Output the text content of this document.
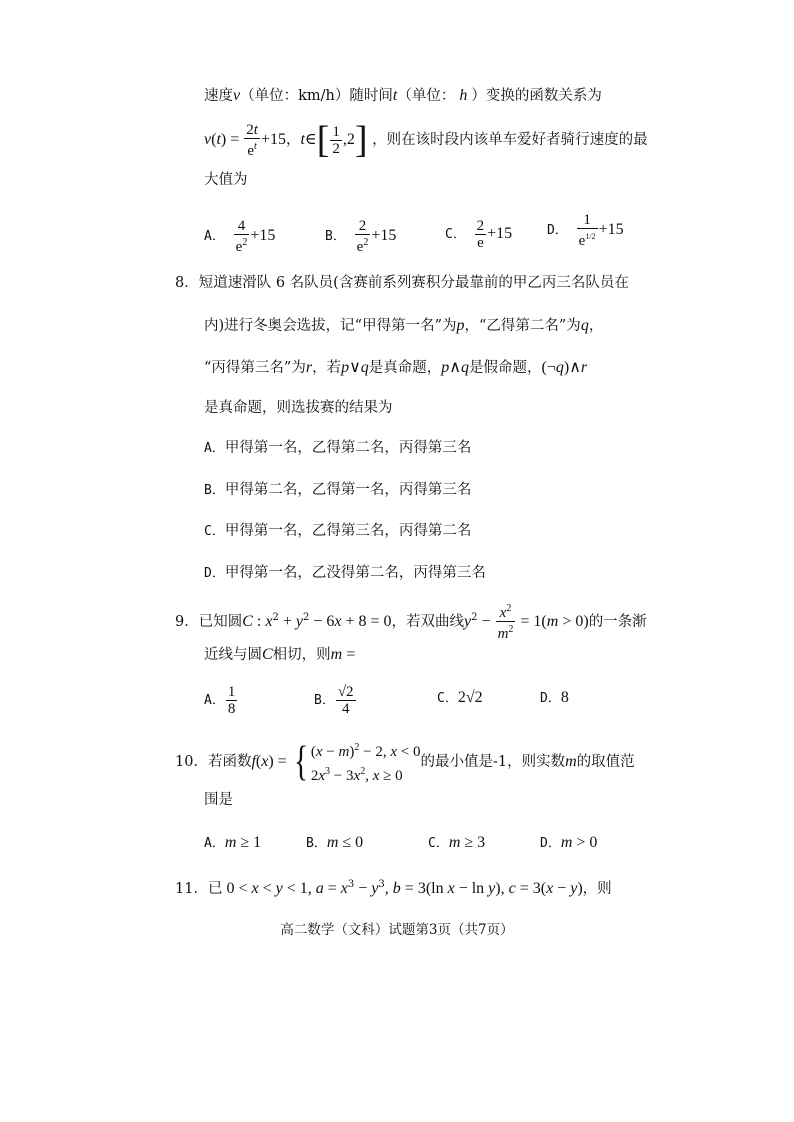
速度v（单位：km/h）随时间t（单位： h ）变换的函数关系为
$v(t) = \frac{2t}{e^t} +15$，t∈[ $\frac{1}{2} ,2$] ，则在该时段内该单车爱好者骑行速度的最
大值为
A． $\frac{4}{e^2} +15$	B． $\frac{2}{e^2} +15$	C． $\frac{2}{e} +15$	D． $\frac{1}{e^{1/2}} +15$
8．短道速滑队 6 名队员(含赛前系列赛积分最靠前的甲乙丙三名队员在
内)进行冬奥会选拔，记“甲得第一名”为p，“乙得第二名”为q，
“丙得第三名”为r，若p∨q是真命题，p∧q是假命题，(¬q)∧r
是真命题，则选拔赛的结果为
A．甲得第一名，乙得第二名，丙得第三名
B．甲得第二名，乙得第一名，丙得第三名
C．甲得第一名，乙得第三名，丙得第二名
D．甲得第一名，乙没得第二名，丙得第三名
9．已知圆C : $x^2 + y^2 - 6x + 8 = 0$，若双曲线$y^2 - \frac{x^2}{m^2} = 1(m > 0)$的一条渐
近线与圆C相切，则m =
A． $\frac{1}{8}$	B． $\frac{√2}{4}$	C．2√2	D．8
10．若函数f(x) = { $(x - m)^2 - 2$, x < 0
$2x^3 - 3x^2$, x ≥ 0
的最小值是-1，则实数m的取值范
围是
A．m ≥ 1	B．m ≤ 0	C．m ≥ 3	D．m > 0
11．已 0 < x < y < 1, $a = x^3 - y^3$, b = 3(ln x − ln y), c = 3(x − y)，则
高二数学（文科）试题第3页（共7页）
